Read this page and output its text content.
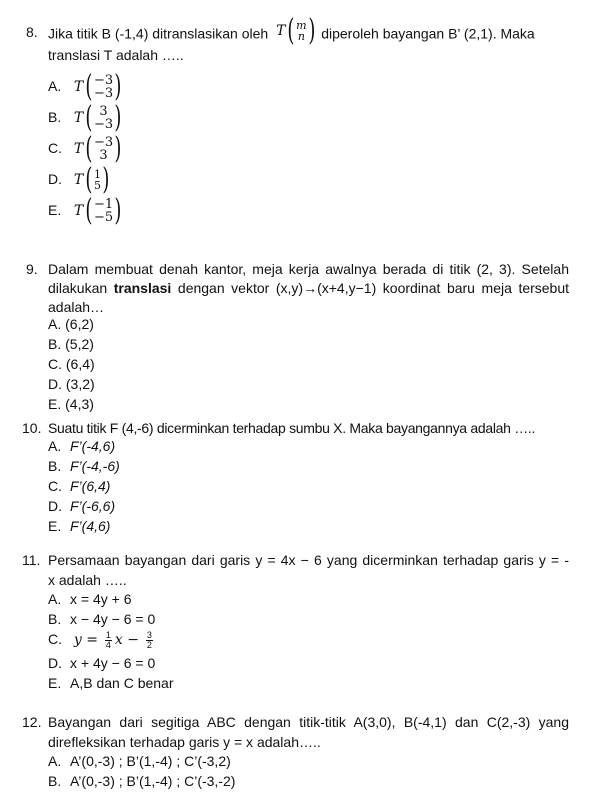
8. Jika titik B (-1,4) ditranslasikan oleh T ( m
n ) diperoleh bayangan B’ (2,1). Maka
translasi T adalah …..
A. T ( −3
−3 )
B. T ( 3
−3 )
C. T ( −3
3 )
D. T ( 1
5 )
E. T ( −1
−5 )
9. Dalam membuat denah kantor, meja kerja awalnya berada di titik (2, 3). Setelah
dilakukan translasi dengan vektor (x,y)→(x+4,y−1) koordinat baru meja tersebut
adalah…
A. (6,2)
B. (5,2)
C. (6,4)
D. (3,2)
E. (4,3)
10. Suatu titik F (4,-6) dicerminkan terhadap sumbu X. Maka bayangannya adalah …..
A. F’(-4,6)
B. F’(-4,-6)
C. F’(6,4)
D. F’(-6,6)
E. F’(4,6)
11. Persamaan bayangan dari garis y = 4x − 6 yang dicerminkan terhadap garis y = -
x adalah …..
A. x = 4y + 6
B. x − 4y − 6 = 0
C. $y = \frac{1}{4}$ $x - \frac{3}{2}$
D. x + 4y − 6 = 0
E. A,B dan C benar
12. Bayangan dari segitiga ABC dengan titik-titik A(3,0), B(-4,1) dan C(2,-3) yang
direfleksikan terhadap garis y = x adalah…..
A. A’(0,-3) ; B’(1,-4) ; C’(-3,2)
B. A’(0,-3) ; B’(1,-4) ; C’(-3,-2)
